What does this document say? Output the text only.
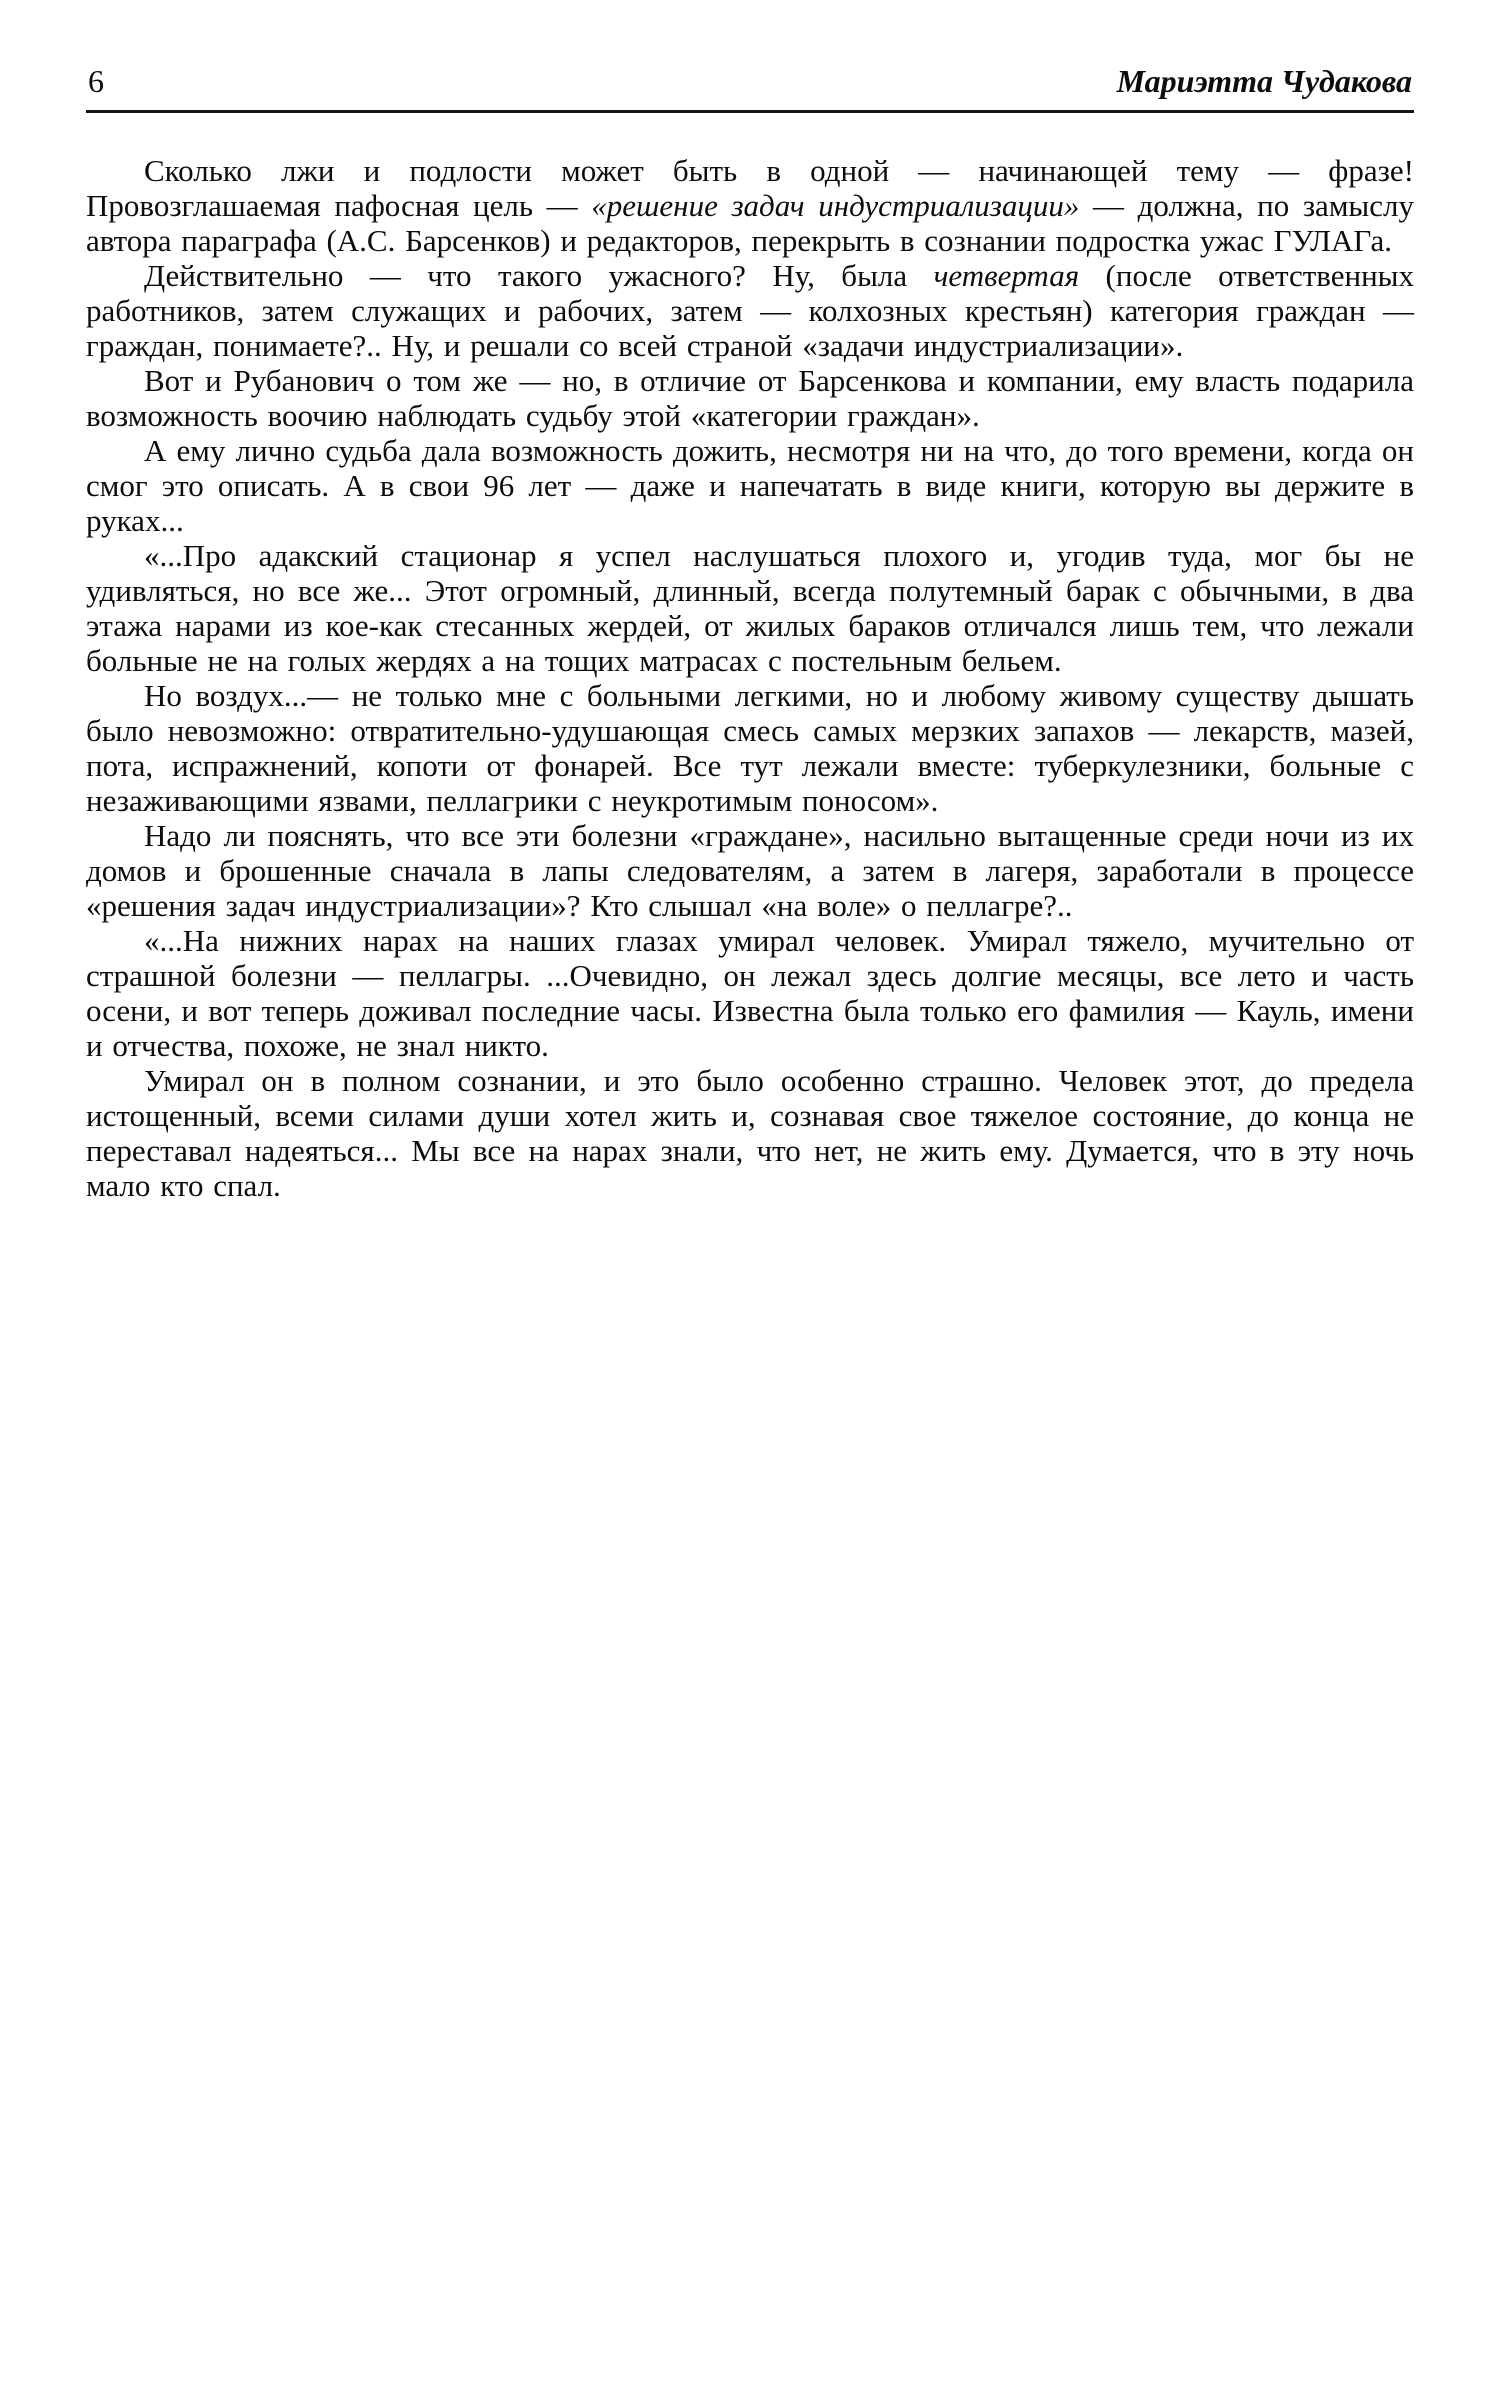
6	Мариэтта Чудакова

Сколько лжи и подлости может быть в одной — начинающей тему — фразе! Провозглашаемая пафосная цель — «решение задач индустриализации» — должна, по замыслу автора параграфа (А.С. Барсенков) и редакторов, перекрыть в сознании подростка ужас ГУЛАГа.

Действительно — что такого ужасного? Ну, была четвертая (после ответственных работников, затем служащих и рабочих, затем — колхозных крестьян) категория граждан — граждан, понимаете?.. Ну, и решали со всей страной «задачи индустриализации».

Вот и Рубанович о том же — но, в отличие от Барсенкова и компании, ему власть подарила возможность воочию наблюдать судьбу этой «категории граждан».

А ему лично судьба дала возможность дожить, несмотря ни на что, до того времени, когда он смог это описать. А в свои 96 лет — даже и напечатать в виде книги, которую вы держите в руках...

«...Про адакский стационар я успел наслушаться плохого и, угодив туда, мог бы не удивляться, но все же... Этот огромный, длинный, всегда полутемный барак с обычными, в два этажа нарами из кое-как стесанных жердей, от жилых бараков отличался лишь тем, что лежали больные не на голых жердях а на тощих матрасах с постельным бельем.

Но воздух...— не только мне с больными легкими, но и любому живому существу дышать было невозможно: отвратительно-удушающая смесь самых мерзких запахов — лекарств, мазей, пота, испражнений, копоти от фонарей. Все тут лежали вместе: туберкулезники, больные с незаживающими язвами, пеллагрики с неукротимым поносом».

Надо ли пояснять, что все эти болезни «граждане», насильно вытащенные среди ночи из их домов и брошенные сначала в лапы следователям, а затем в лагеря, заработали в процессе «решения задач индустриализации»? Кто слышал «на воле» о пеллагре?..

«...На нижних нарах на наших глазах умирал человек. Умирал тяжело, мучительно от страшной болезни — пеллагры. ...Очевидно, он лежал здесь долгие месяцы, все лето и часть осени, и вот теперь доживал последние часы. Известна была только его фамилия — Кауль, имени и отчества, похоже, не знал никто.

Умирал он в полном сознании, и это было особенно страшно. Человек этот, до предела истощенный, всеми силами души хотел жить и, сознавая свое тяжелое состояние, до конца не переставал надеяться... Мы все на нарах знали, что нет, не жить ему. Думается, что в эту ночь мало кто спал.
